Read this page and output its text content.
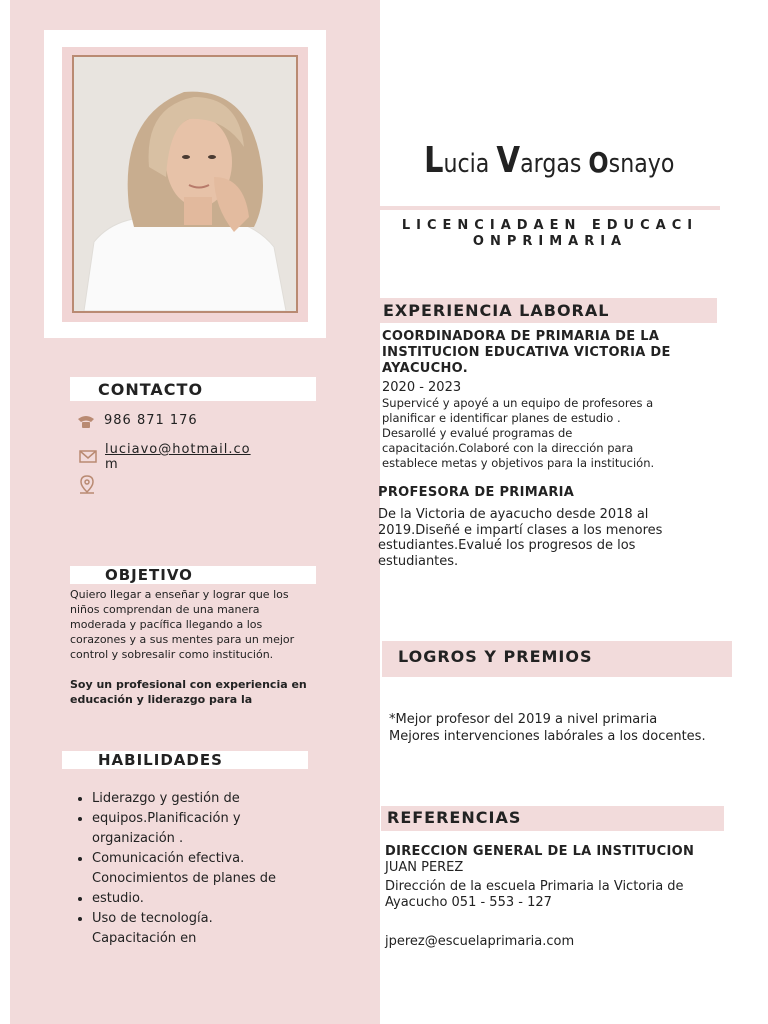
CONTACTO
986 871 176
luciavo@hotmail.co
m
OBJETIVO
Quiero llegar a enseñar y lograr que los niños comprendan de una manera moderada y pacífica llegando a los corazones y a sus mentes para un mejor control y sobresalir como institución.
Soy un profesional con experiencia en educación y liderazgo para la
HABILIDADES
• Liderazgo y gestión de
• equipos.Planificación y
organización .
• Comunicación efectiva.
Conocimientos de planes de
• estudio.
• Uso de tecnología.
Capacitación en
Lucia Vargas Osnayo
LICENCIADAEN EDUCACI
ONPRIMARIA
EXPERIENCIA LABORAL
COORDINADORA DE PRIMARIA DE LA INSTITUCION EDUCATIVA VICTORIA DE AYACUCHO.
2020 - 2023
Supervicé y apoyé a un equipo de profesores a planificar e identificar planes de estudio . Desarollé y evalué programas de capacitación.Colaboré con la dirección para establece metas y objetivos para la institución.
PROFESORA DE PRIMARIA
De la Victoria de ayacucho desde 2018 al 2019.Diseñé e impartí clases a los menores estudiantes.Evalué los progresos de los estudiantes.
LOGROS Y PREMIOS
*Mejor profesor del 2019 a nivel primaria
Mejores intervenciones labórales a los docentes.
REFERENCIAS
DIRECCION GENERAL DE LA INSTITUCION
JUAN PEREZ
Dirección de la escuela Primaria la Victoria de Ayacucho 051 - 553 - 127
jperez@escuelaprimaria.com
